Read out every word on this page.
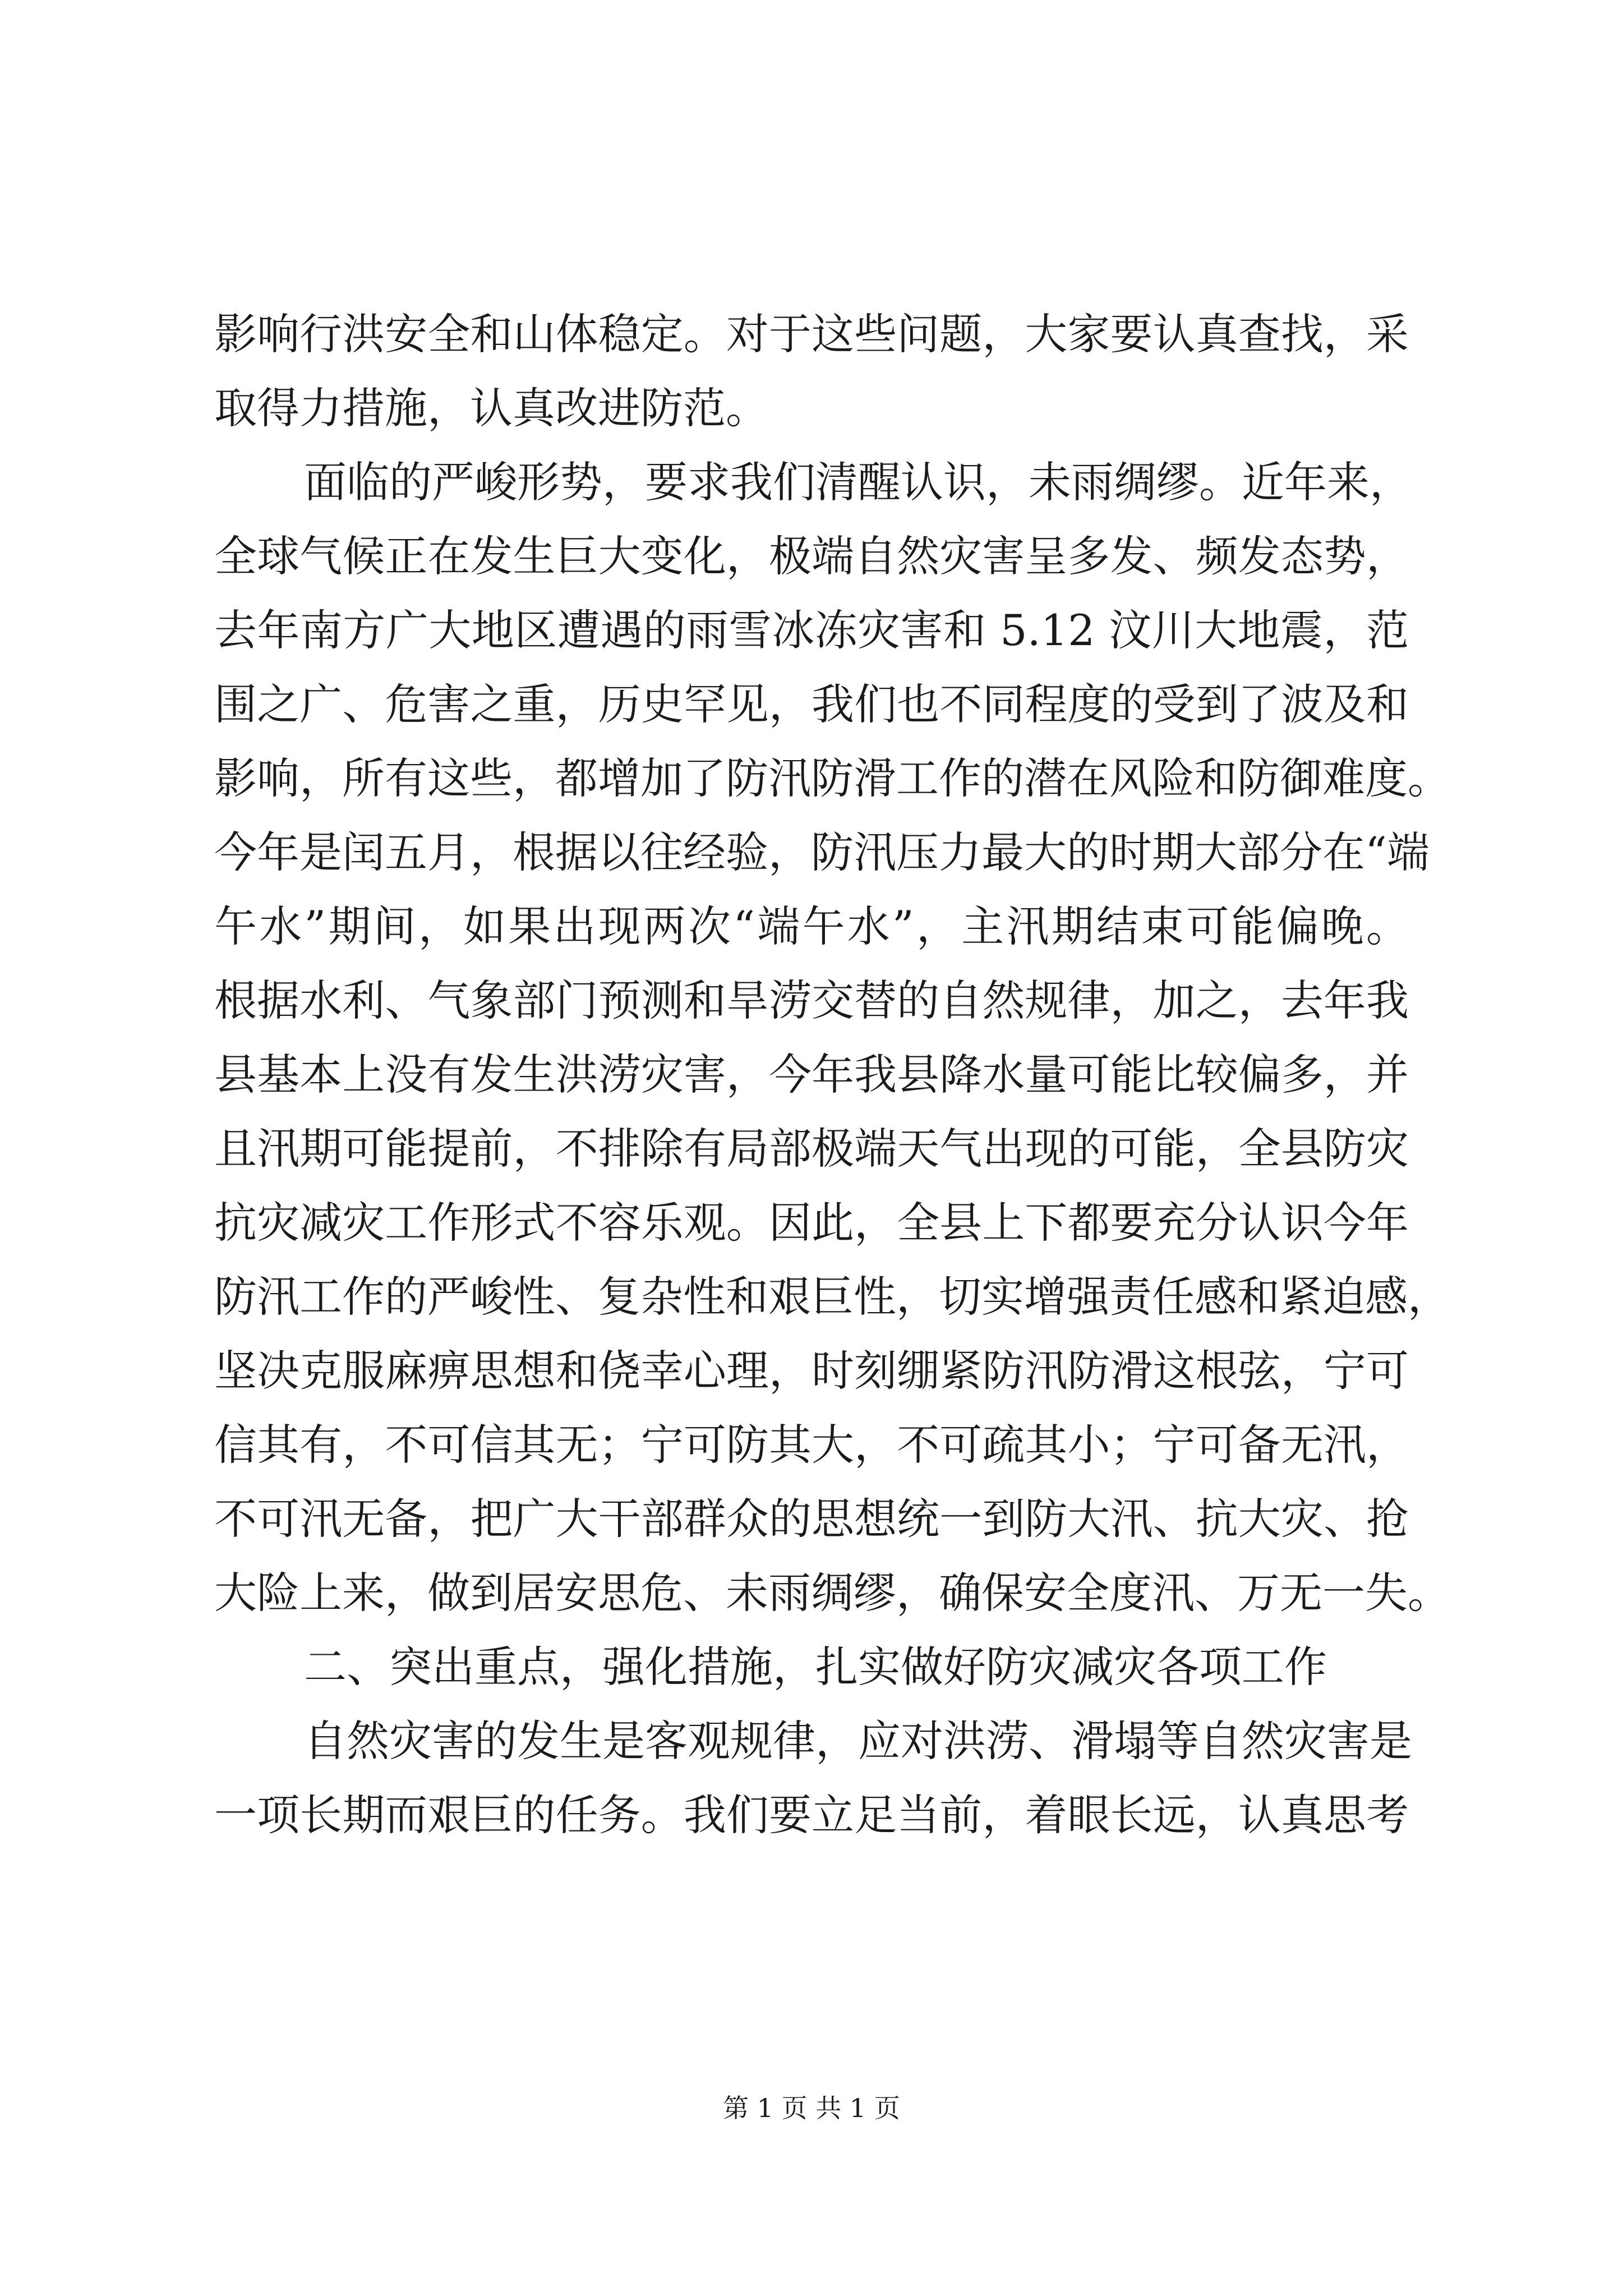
影响行洪安全和山体稳定。对于这些问题，大家要认真查找，采
取得力措施，认真改进防范。
面临的严峻形势，要求我们清醒认识，未雨绸缪。近年来，
全球气候正在发生巨大变化，极端自然灾害呈多发、频发态势，
去年南方广大地区遭遇的雨雪冰冻灾害和 5.12 汶川大地震，范
围之广、危害之重，历史罕见，我们也不同程度的受到了波及和
影响，所有这些，都增加了防汛防滑工作的潜在风险和防御难度。
今年是闰五月，根据以往经验，防汛压力最大的时期大部分在“端
午水”期间，如果出现两次“端午水”，主汛期结束可能偏晚。
根据水利、气象部门预测和旱涝交替的自然规律，加之，去年我
县基本上没有发生洪涝灾害，今年我县降水量可能比较偏多，并
且汛期可能提前，不排除有局部极端天气出现的可能，全县防灾
抗灾减灾工作形式不容乐观。因此，全县上下都要充分认识今年
防汛工作的严峻性、复杂性和艰巨性，切实增强责任感和紧迫感，
坚决克服麻痹思想和侥幸心理，时刻绷紧防汛防滑这根弦，宁可
信其有，不可信其无；宁可防其大，不可疏其小；宁可备无汛，
不可汛无备，把广大干部群众的思想统一到防大汛、抗大灾、抢
大险上来，做到居安思危、未雨绸缪，确保安全度汛、万无一失。
二、突出重点，强化措施，扎实做好防灾减灾各项工作
自然灾害的发生是客观规律，应对洪涝、滑塌等自然灾害是
一项长期而艰巨的任务。我们要立足当前，着眼长远，认真思考
第 1 页 共 1 页
